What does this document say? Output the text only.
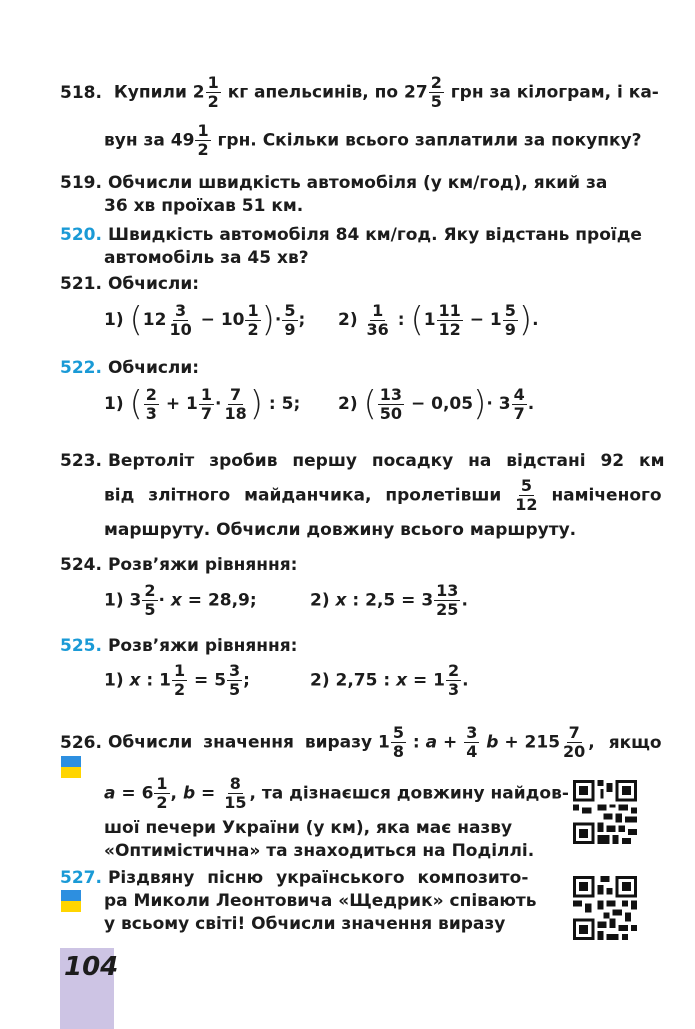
518. Купили $2 \frac{1}{2}$ кг апельсинів, по $27 \frac{2}{5}$ грн за кілограм, і ка-
вун за $49 \frac{1}{2}$ грн. Скільки всього заплатили за покупку?
519. Обчисли швидкість автомобіля (у км/год), який за
36 хв проїхав 51 км.
520. Швидкість автомобіля 84 км/год. Яку відстань проїде
автомобіль за 45 хв?
521. Обчисли:
1) ($12 \frac{3}{10} - 10 \frac{1}{2}$ )· $\frac{5}{9}$ ; $2) \frac{1}{36}$ : ($1 \frac{11}{12} - 1 \frac{5}{9}$ ).
522. Обчисли:
1) ( $\frac{2}{3} + 1 \frac{1}{7} \cdot \frac{7}{18}$ ) : 5; 2) ( $\frac{13}{50} - 0,05)\cdot 3 \frac{4}{7}$ .
523. Вертоліт зробив першу посадку на відстані 92 км
від злітного майданчика, пролетівши $\frac{5}{12}$ наміченого
маршруту. Обчисли довжину всього маршруту.
524. Розв’яжи рівняння:
1) $3 \frac{2}{5} \cdot x = 28,9$;	2) x : $2,5 = 3 \frac{13}{25}$ .
525. Розв’яжи рівняння:
1) x : $1 \frac{1}{2} = 5 \frac{3}{5}$ ;	2) 2,75 : $x = 1 \frac{2}{3}$ .
526. Обчисли значення виразу $1 \frac{5}{8}$ : $a + \frac{3}{4}$ $b + 215 \frac{7}{20}$ , якщо
$a = 6 \frac{1}{2}$ , $b = \frac{8}{15}$ , та дізнаєшся довжину найдов-
шої печери України (у км), яка має назву
«Оптимістична» та знаходиться на Поділлі.
527. Різдвяну пісню українського композито-
ра Миколи Леонтовича «Щедрик» співають
у всьому світі! Обчисли значення виразу
104
